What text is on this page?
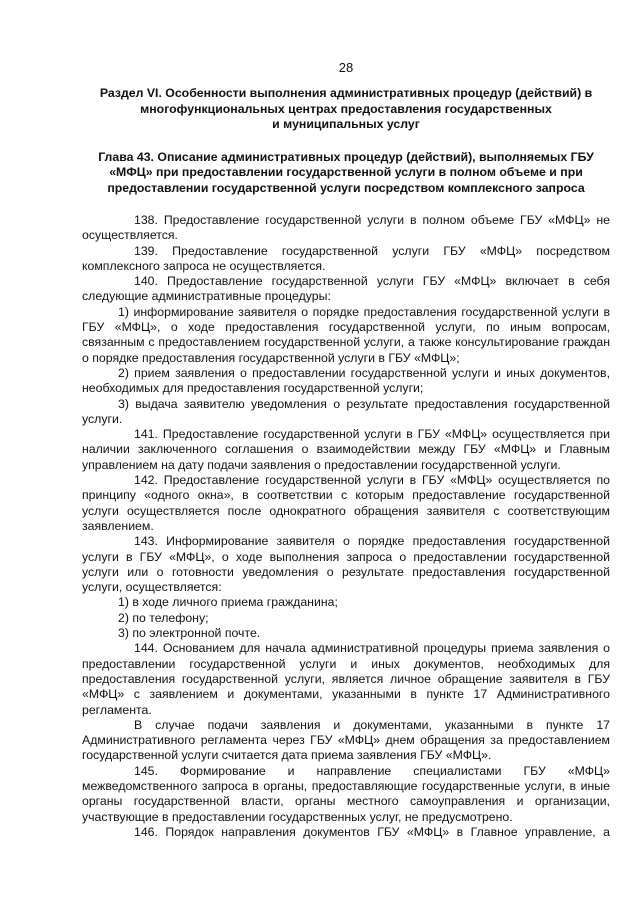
28
Раздел VI. Особенности выполнения административных процедур (действий) в
многофункциональных центрах предоставления государственных
и муниципальных услуг
Глава 43. Описание административных процедур (действий), выполняемых ГБУ
«МФЦ» при предоставлении государственной услуги в полном объеме и при
предоставлении государственной услуги посредством комплексного запроса

138. Предоставление государственной услуги в полном объеме ГБУ «МФЦ» не осуществляется.

139. Предоставление государственной услуги ГБУ «МФЦ» посредством комплексного запроса не осуществляется.

140. Предоставление государственной услуги ГБУ «МФЦ» включает в себя следующие административные процедуры:

1) информирование заявителя о порядке предоставления государственной услуги в ГБУ «МФЦ», о ходе предоставления государственной услуги, по иным вопросам, связанным с предоставлением государственной услуги, а также консультирование граждан о порядке предоставления государственной услуги в ГБУ «МФЦ»;

2) прием заявления о предоставлении государственной услуги и иных документов, необходимых для предоставления государственной услуги;

3) выдача заявителю уведомления о результате предоставления государственной услуги.

141. Предоставление государственной услуги в ГБУ «МФЦ» осуществляется при наличии заключенного соглашения о взаимодействии между ГБУ «МФЦ» и Главным управлением на дату подачи заявления о предоставлении государственной услуги.

142. Предоставление государственной услуги в ГБУ «МФЦ» осуществляется по принципу «одного окна», в соответствии с которым предоставление государственной услуги осуществляется после однократного обращения заявителя с соответствующим заявлением.

143. Информирование заявителя о порядке предоставления государственной услуги в ГБУ «МФЦ», о ходе выполнения запроса о предоставлении государственной услуги или о готовности уведомления о результате предоставления государственной услуги, осуществляется:

1) в ходе личного приема гражданина;

2) по телефону;

3) по электронной почте.

144. Основанием для начала административной процедуры приема заявления о предоставлении государственной услуги и иных документов, необходимых для предоставления государственной услуги, является личное обращение заявителя в ГБУ «МФЦ» с заявлением и документами, указанными в пункте 17 Административного регламента.

В случае подачи заявления и документами, указанными в пункте 17 Административного регламента через ГБУ «МФЦ» днем обращения за предоставлением государственной услуги считается дата приема заявления ГБУ «МФЦ».

145. Формирование и направление специалистами ГБУ «МФЦ» межведомственного запроса в органы, предоставляющие государственные услуги, в иные органы государственной власти, органы местного самоуправления и организации, участвующие в предоставлении государственных услуг, не предусмотрено.

146. Порядок направления документов ГБУ «МФЦ» в Главное управление, а
